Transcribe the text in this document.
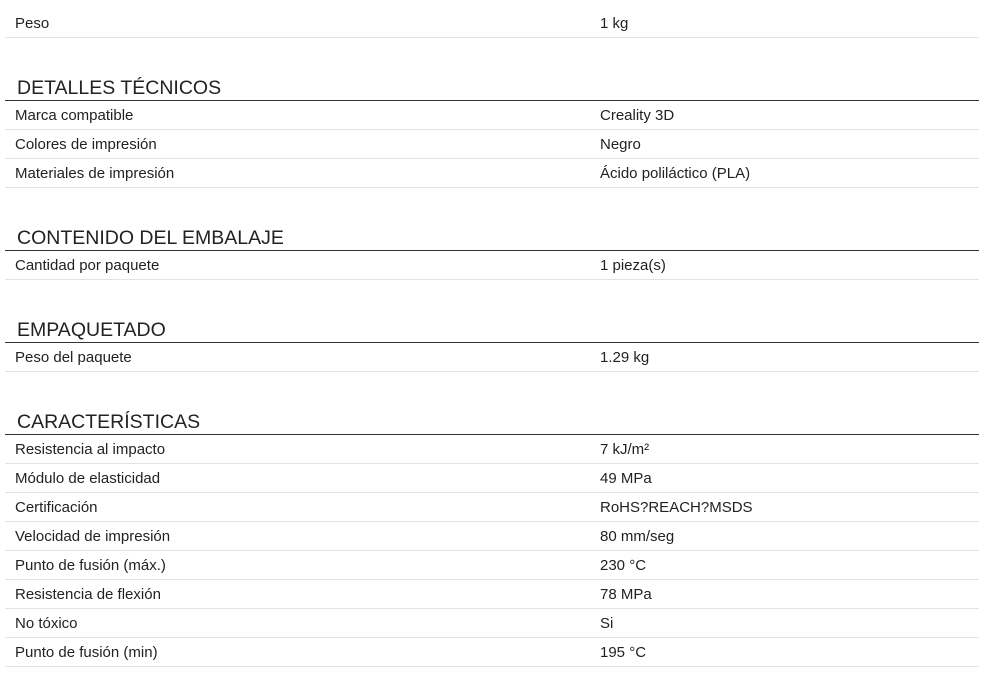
Peso	1 kg
DETALLES TÉCNICOS
Marca compatible	Creality 3D
Colores de impresión	Negro
Materiales de impresión	Ácido poliláctico (PLA)
CONTENIDO DEL EMBALAJE
Cantidad por paquete	1 pieza(s)
EMPAQUETADO
Peso del paquete	1.29 kg
CARACTERÍSTICAS
Resistencia al impacto	7 kJ/m²
Módulo de elasticidad	49 MPa
Certificación	RoHS?REACH?MSDS
Velocidad de impresión	80 mm/seg
Punto de fusión (máx.)	230 °C
Resistencia de flexión	78 MPa
No tóxico	Si
Punto de fusión (min)	195 °C
